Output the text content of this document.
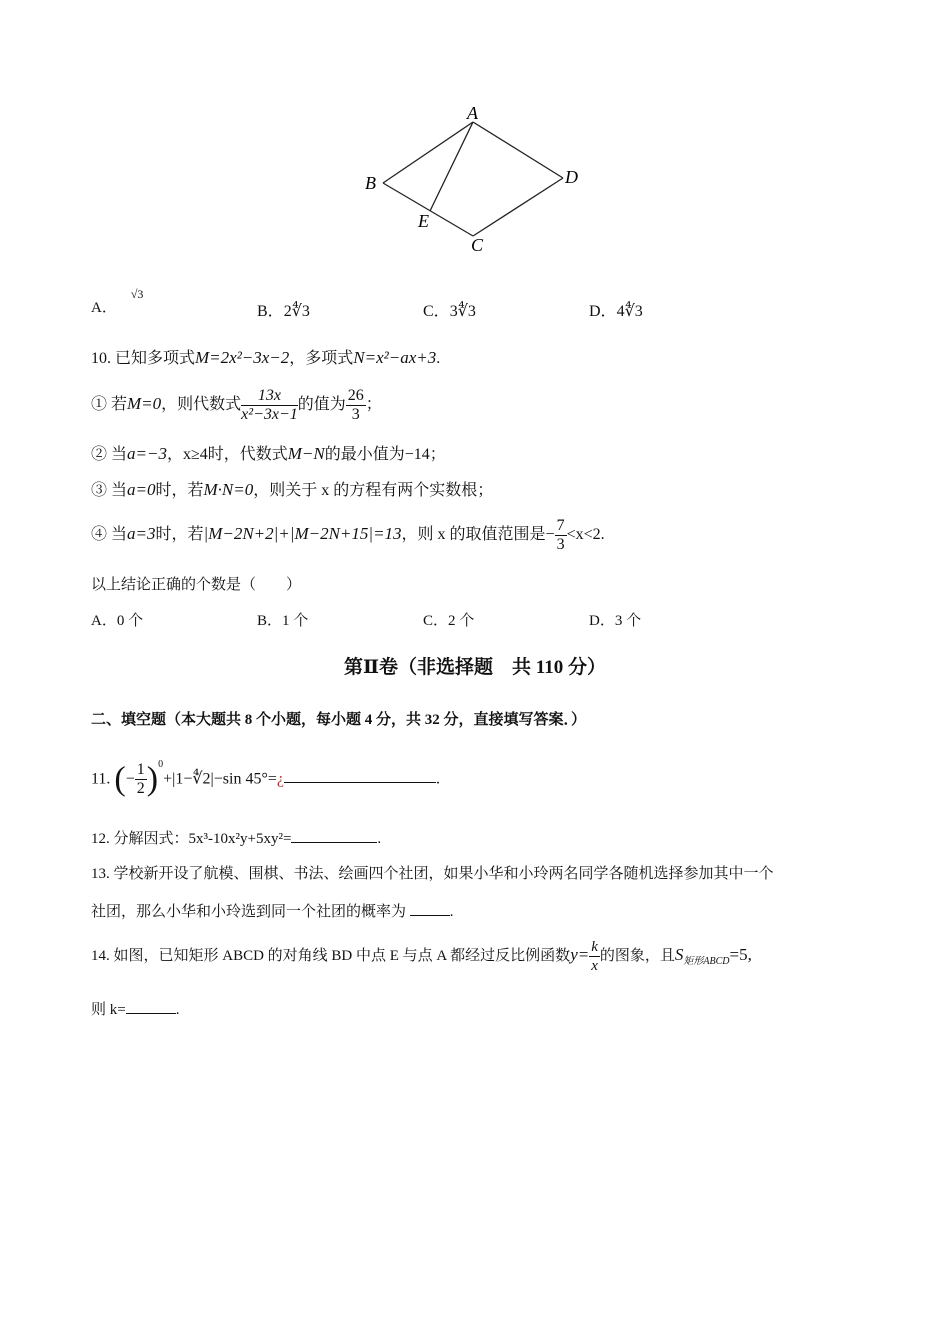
A
B
C
D
E
A．$^{√3}$
B．2∜3	C．3∜3	D．4∜3
10. 已知多项式M=2x²−3x−2，多项式N=x²−ax+3.
① 若M=0，则代数式 $\frac{13x}{\text{x²−3x−1}}$ 的值为 $\frac{26}{3}$ ；
② 当a=−3，x≥4时，代数式M−N的最小值为−14；
③ 当a=0时，若M·N=0，则关于 x 的方程有两个实数根；
④ 当a=3时，若|M−2N+2|+|M−2N+15|=13，则 x 的取值范围是− $\frac{7}{3} <x<2$.
以上结论正确的个数是（　　）
A．0 个	B．1 个	C．2 个	D．3 个
第Ⅱ卷（非选择题　共 110 分）
二、填空题（本大题共 8 个小题，每小题 4 分，共 32 分，直接填写答案．）
11. (− $\frac{1}{2}$ )$^0$+|1−∜2|−sin 45°=¿	.
12. 分解因式：5x³-10x²y+5xy²=	.
13. 学校新开设了航模、围棋、书法、绘画四个社团，如果小华和小玲两名同学各随机选择参加其中一个
社团，那么小华和小玲选到同一个社团的概率为	.
14. 如图，已知矩形 ABCD 的对角线 BD 中点 E 与点 A 都经过反比例函数$y= \frac{k}{x}$ 的图象，且$S_{矩形ABCD}=5$,
则 k=	.
